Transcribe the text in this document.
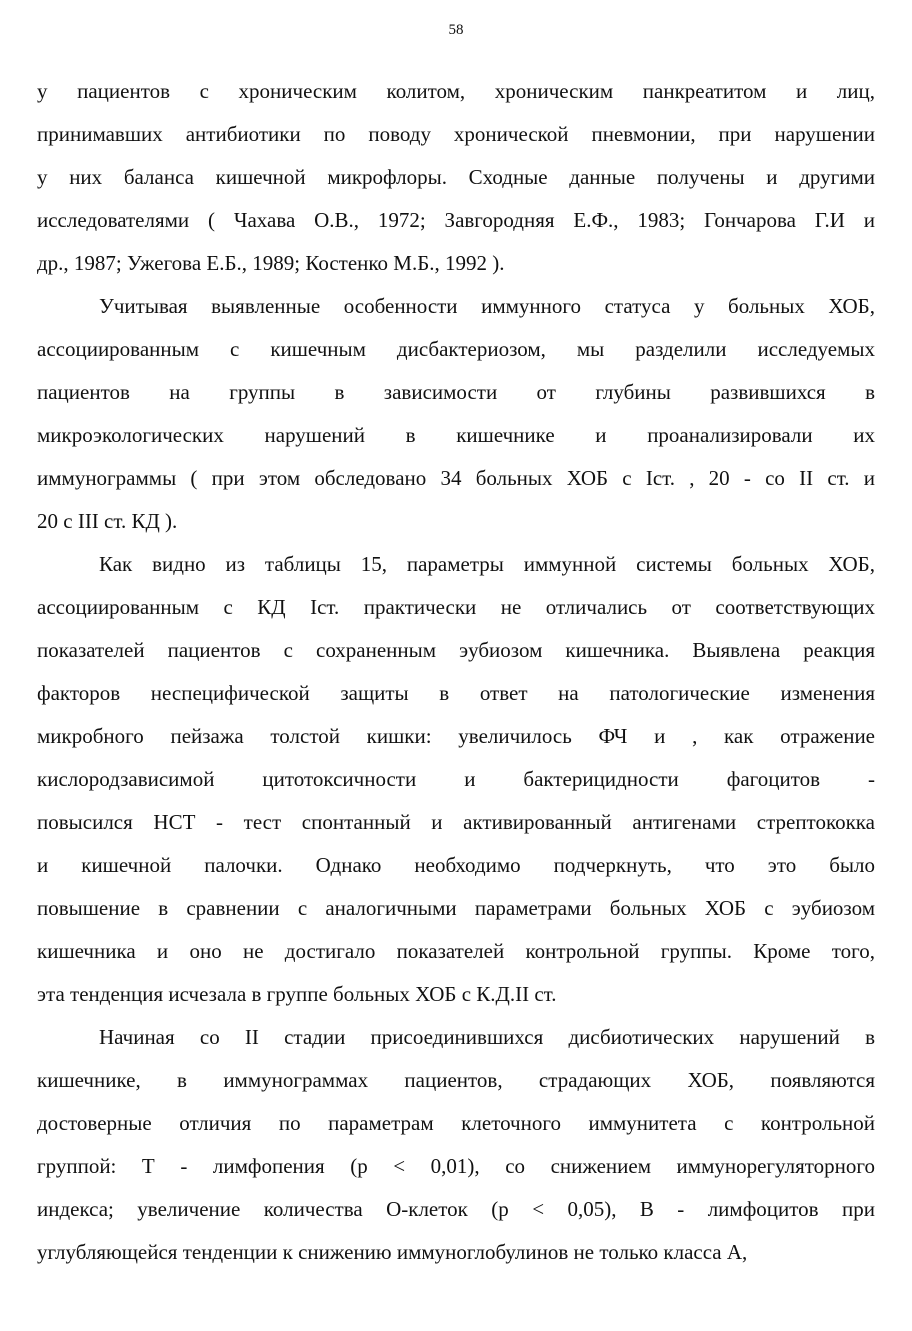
58
у пациентов с хроническим колитом, хроническим панкреатитом и лиц,
принимавших антибиотики по поводу хронической пневмонии, при нарушении
у них баланса кишечной микрофлоры. Сходные данные получены и другими
исследователями ( Чахава О.В., 1972; Завгородняя Е.Ф., 1983; Гончарова Г.И и
др., 1987; Ужегова Е.Б., 1989; Костенко М.Б., 1992 ).
Учитывая выявленные особенности иммунного статуса у больных ХОБ,
ассоциированным с кишечным дисбактериозом, мы разделили исследуемых
пациентов на группы в зависимости от глубины развившихся в
микроэкологических нарушений в кишечнике и проанализировали их
иммунограммы ( при этом обследовано 34 больных ХОБ с Iст. , 20 - со II ст. и
20 с III ст. КД ).
Как видно из таблицы 15, параметры иммунной системы больных ХОБ,
ассоциированным с КД Iст. практически не отличались от соответствующих
показателей пациентов с сохраненным эубиозом кишечника. Выявлена реакция
факторов неспецифической защиты в ответ на патологические изменения
микробного пейзажа толстой кишки: увеличилось ФЧ и , как отражение
кислородзависимой цитотоксичности и бактерицидности фагоцитов -
повысился НСТ - тест спонтанный и активированный антигенами стрептококка
и кишечной палочки. Однако необходимо подчеркнуть, что это было
повышение в сравнении с аналогичными параметрами больных ХОБ с эубиозом
кишечника и оно не достигало показателей контрольной группы. Кроме того,
эта тенденция исчезала в группе больных ХОБ с К.Д.II ст.
Начиная со II стадии присоединившихся дисбиотических нарушений в
кишечнике, в иммунограммах пациентов, страдающих ХОБ, появляются
достоверные отличия по параметрам клеточного иммунитета с контрольной
группой: Т - лимфопения (р < 0,01), со снижением иммунорегуляторного
индекса; увеличение количества О-клеток (р < 0,05), В - лимфоцитов при
углубляющейся тенденции к снижению иммуноглобулинов не только класса А,
